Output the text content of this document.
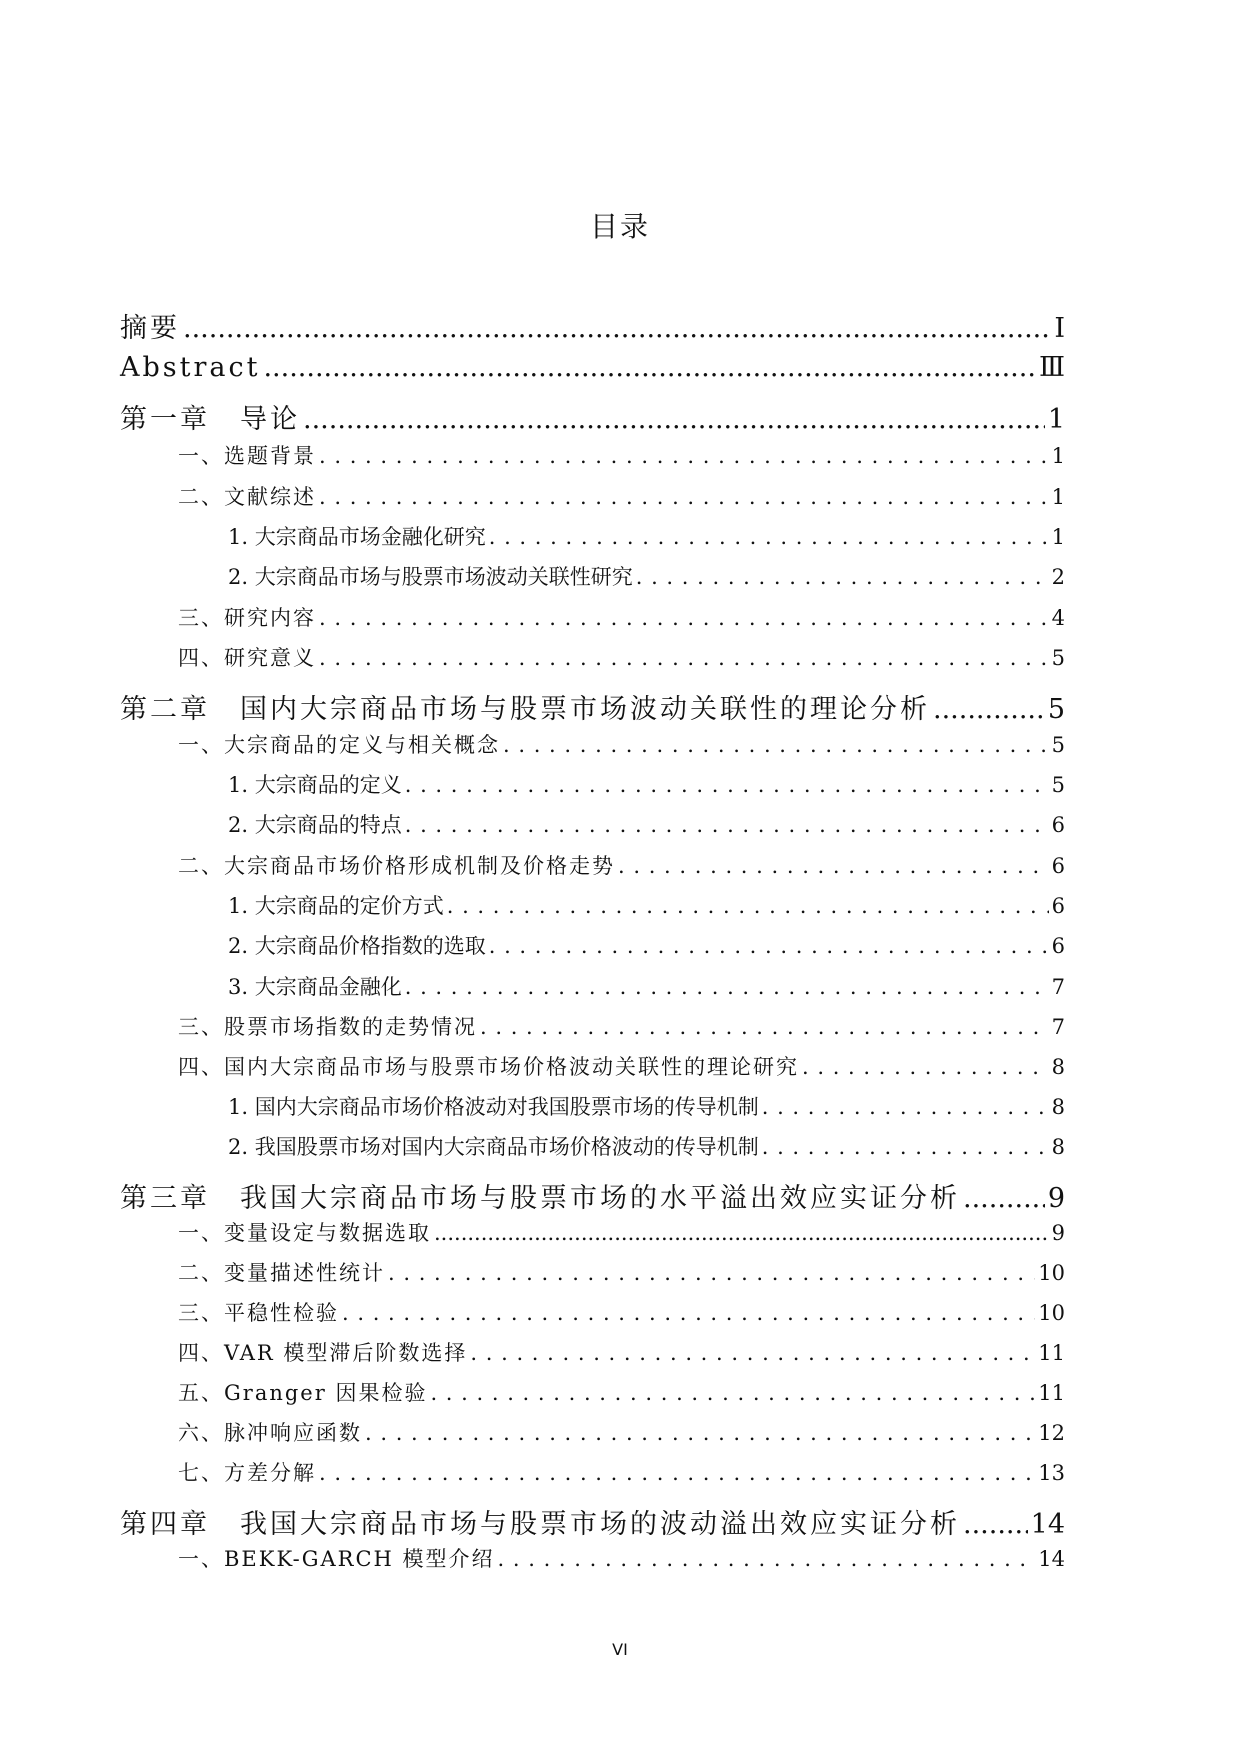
目录
摘要 .....	Ⅰ
Abstract .....	Ⅲ
第一章　导论 .....	1
一、选题背景 . . .	1
二、文献综述 . . .	1
1. 大宗商品市场金融化研究 . . .	1
2. 大宗商品市场与股票市场波动关联性研究 . . .	2
三、研究内容 . . .	4
四、研究意义 . . .	5
第二章　国内大宗商品市场与股票市场波动关联性的理论分析 .....	5
一、大宗商品的定义与相关概念 . . .	5
1. 大宗商品的定义 . . .	5
2. 大宗商品的特点 . . .	6
二、大宗商品市场价格形成机制及价格走势 . . .	6
1. 大宗商品的定价方式 . . .	6
2. 大宗商品价格指数的选取 . . .	6
3. 大宗商品金融化 . . .	7
三、股票市场指数的走势情况 . . .	7
四、国内大宗商品市场与股票市场价格波动关联性的理论研究 . . .	8
1. 国内大宗商品市场价格波动对我国股票市场的传导机制 . . .	8
2. 我国股票市场对国内大宗商品市场价格波动的传导机制 . . .	8
第三章　我国大宗商品市场与股票市场的水平溢出效应实证分析 .....	9
一、变量设定与数据选取 .....	9
二、变量描述性统计 . . .	10
三、平稳性检验 . . .	10
四、VAR 模型滞后阶数选择 . . .	11
五、Granger 因果检验 . . .	11
六、脉冲响应函数 . . .	12
七、方差分解 . . .	13
第四章　我国大宗商品市场与股票市场的波动溢出效应实证分析 .....	14
一、BEKK-GARCH 模型介绍 . . .	14
VI
